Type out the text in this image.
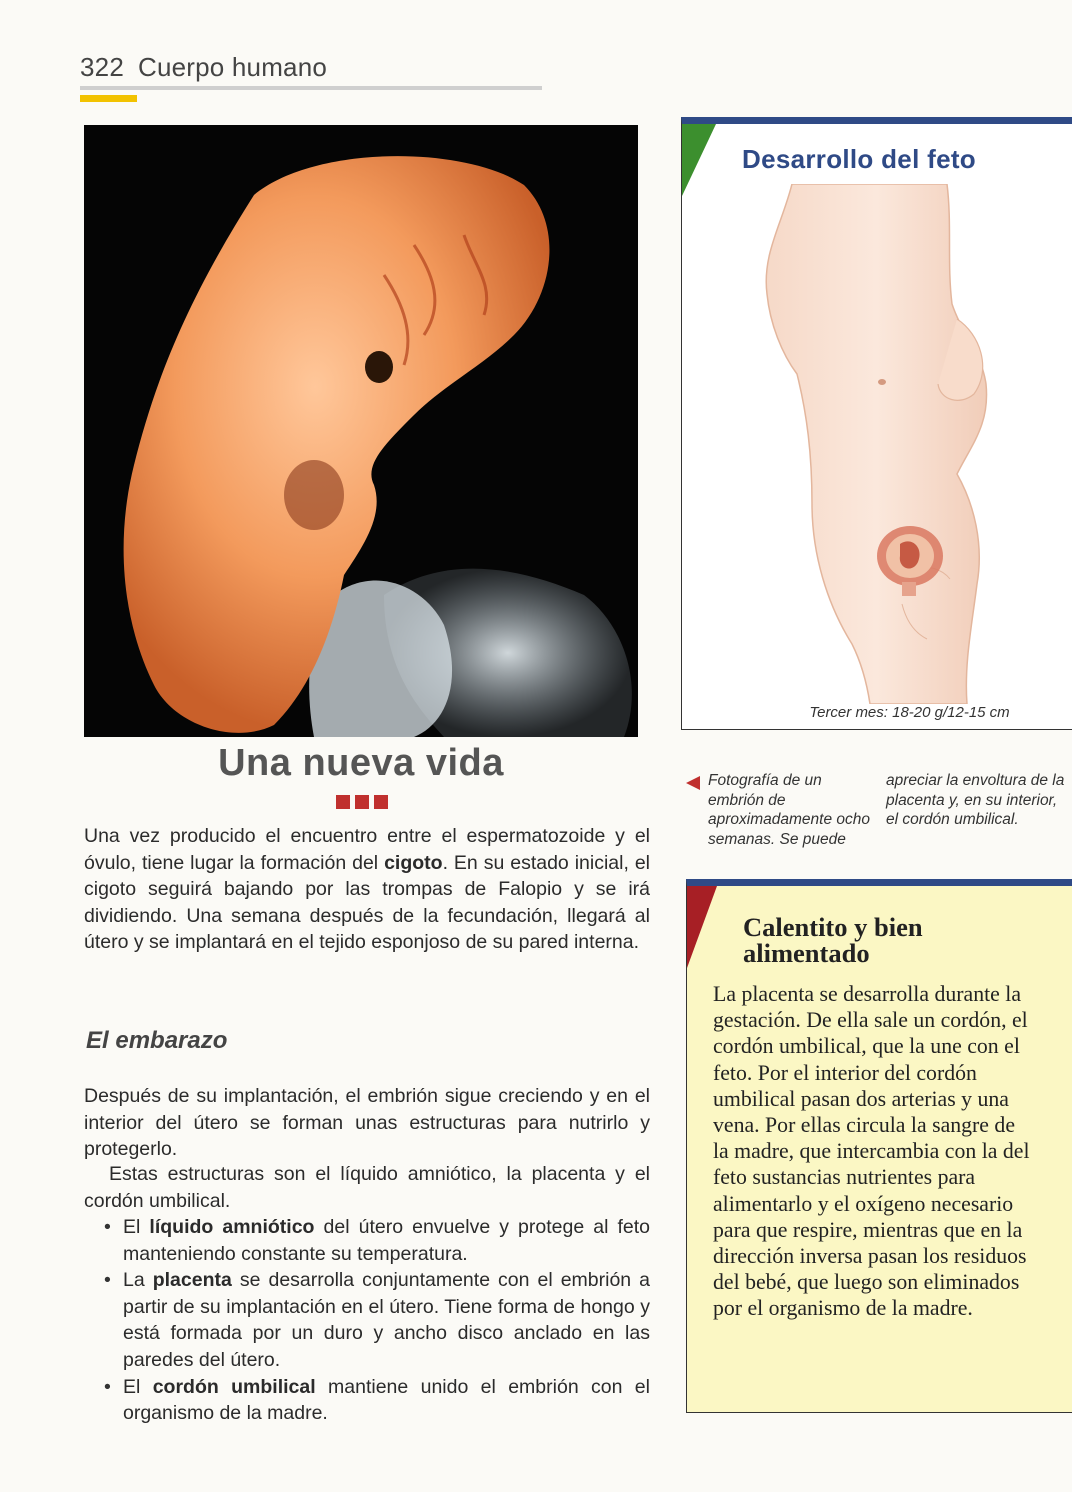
322 Cuerpo humano
Una nueva vida

Una vez producido el encuentro entre el espermatozoide y el óvulo, tiene lugar la formación del cigoto. En su estado inicial, el cigoto seguirá bajando por las trompas de Falopio y se irá dividiendo. Una semana después de la fecundación, llegará al útero y se implantará en el tejido esponjoso de su pared interna.

El embarazo

Después de su implantación, el embrión sigue creciendo y en el interior del útero se forman unas estructuras para nutrirlo y protegerlo.

Estas estructuras son el líquido amniótico, la placenta y el cordón umbilical.

• El líquido amniótico del útero envuelve y protege al feto manteniendo constante su temperatura.
• La placenta se desarrolla conjuntamente con el embrión a partir de su implantación en el útero. Tiene forma de hongo y está formada por un duro y ancho disco anclado en las paredes del útero.
• El cordón umbilical mantiene unido el embrión con el organismo de la madre.
Desarrollo del feto
Tercer mes: 18-20 g/12-15 cm
Fotografía de un embrión de aproximadamente ocho semanas. Se puede
apreciar la envoltura de la placenta y, en su interior, el cordón umbilical.
Calentito y bien alimentado
La placenta se desarrolla durante la gestación. De ella sale un cordón, el cordón umbilical, que la une con el feto. Por el interior del cordón umbilical pasan dos arterias y una vena. Por ellas circula la sangre de la madre, que intercambia con la del feto sustancias nutrientes para alimentarlo y el oxígeno necesario para que respire, mientras que en la dirección inversa pasan los residuos del bebé, que luego son eliminados por el organismo de la madre.
